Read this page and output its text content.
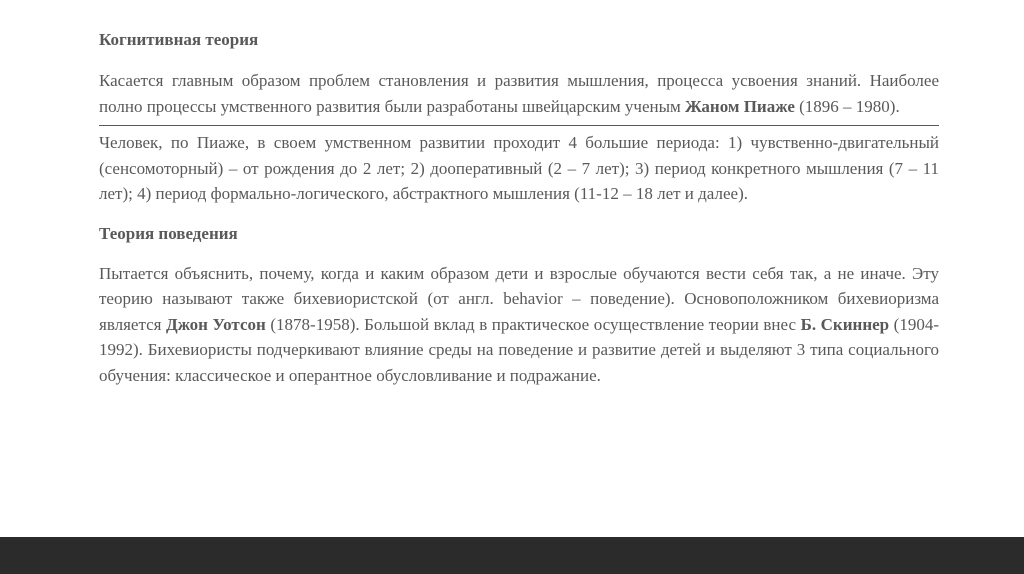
Когнитивная теория

Касается главным образом проблем становления и развития мышления, процесса усвоения знаний. Наиболее полно процессы умственного развития были разработаны швейцарским ученым Жаном Пиаже (1896 – 1980).

Человек, по Пиаже, в своем умственном развитии проходит 4 большие периода: 1) чувственно-двигательный (сенсомоторный) – от рождения до 2 лет; 2) дооперативный (2 – 7 лет); 3) период конкретного мышления (7 – 11 лет); 4) период формально-логического, абстрактного мышления (11-12 – 18 лет и далее).

Теория поведения

Пытается объяснить, почему, когда и каким образом дети и взрослые обучаются вести себя так, а не иначе. Эту теорию называют также бихевиористской (от англ. behavior – поведение). Основоположником бихевиоризма является Джон Уотсон (1878-1958). Большой вклад в практическое осуществление теории внес Б. Скиннер (1904-1992). Бихевиористы подчеркивают влияние среды на поведение и развитие детей и выделяют 3 типа социального обучения: классическое и оперантное обусловливание и подражание.
